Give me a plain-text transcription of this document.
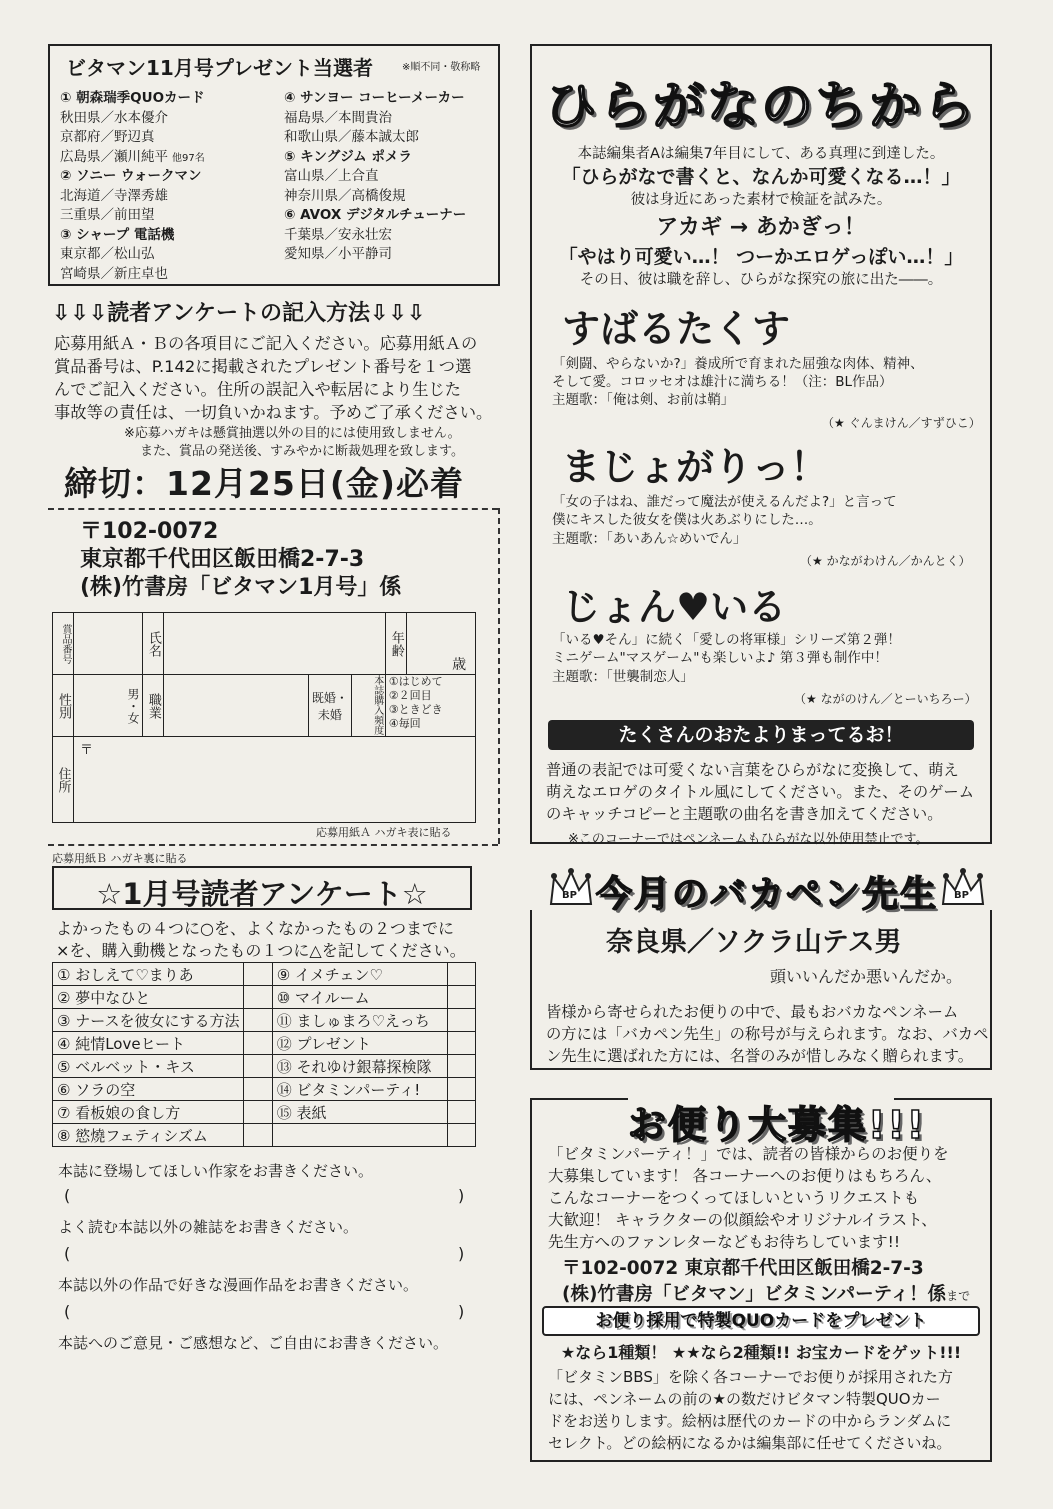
ビタマン11月号プレゼント当選者	※順不同・敬称略
① 朝森瑞季QUOカード
秋田県／水本優介
京都府／野辺真
広島県／瀬川純平 他97名
② ソニー ウォークマン
北海道／寺澤秀雄
三重県／前田望
③ シャープ 電話機
東京都／松山弘
宮崎県／新庄卓也
④ サンヨー コーヒーメーカー
福島県／本間貴治
和歌山県／藤本誠太郎
⑤ キングジム ポメラ
富山県／上合直
神奈川県／高橋俊規
⑥ AVOX デジタルチューナー
千葉県／安永壮宏
愛知県／小平静司
⇩⇩⇩読者アンケートの記入方法⇩⇩⇩
応募用紙Ａ・Ｂの各項目にご記入ください。応募用紙Ａの
賞品番号は、P.142に掲載されたプレゼント番号を１つ選
んでご記入ください。住所の誤記入や転居により生じた
事故等の責任は、一切負いかねます。予めご了承ください。
※応募ハガキは懸賞抽選以外の目的には使用致しません。
また、賞品の発送後、すみやかに断裁処理を致します。
締切：12月25日(金)必着
〒102-0072
東京都千代田区飯田橋2-7-3
(株)竹書房「ビタマン1月号」係
賞品番号		氏名				年齢	歳
性別	男・女	職業		既婚・未婚	本誌購入頻度	①はじめて
②２回目
③ときどき
④毎回	

住所	〒						
応募用紙Ａ ハガキ表に貼る
応募用紙Ｂ ハガキ裏に貼る
☆1月号読者アンケート☆
よかったもの４つに○を、よくなかったもの２つまでに
×を、購入動機となったもの１つに△を記してください。
① おしえて♡まりあ		⑨ イメチェン♡	
② 夢中なひと		⑩ マイルーム	
③ ナースを彼女にする方法		⑪ ましゅまろ♡えっち	
④ 純情Loveヒート		⑫ プレゼント	
⑤ ベルベット・キス		⑬ それゆけ銀幕探検隊	
⑥ ソラの空		⑭ ビタミンパーティ!	
⑦ 看板娘の食し方		⑮ 表紙	
⑧ 慾燒フェティシズム			
本誌に登場してほしい作家をお書きください。
(	)
よく読む本誌以外の雑誌をお書きください。
(	)
本誌以外の作品で好きな漫画作品をお書きください。
(	)
本誌へのご意見・ご感想など、ご自由にお書きください。
ひらがなのちから
本誌編集者Aは編集7年目にして、ある真理に到達した。
「ひらがなで書くと、なんか可愛くなる…！」
彼は身近にあった素材で検証を試みた。
アカギ → あかぎっ！
「やはり可愛い…！ つーかエロゲっぽい…！」
その日、彼は職を辞し、ひらがな探究の旅に出た――。
すばるたくす
「剣闘、やらないか?」養成所で育まれた屈強な肉体、精神、
そして愛。コロッセオは雄汁に満ちる！（注：BL作品）
主題歌：「俺は剣、お前は鞘」
（★ ぐんまけん／すずひこ）
まじょがりっ！
「女の子はね、誰だって魔法が使えるんだよ?」と言って
僕にキスした彼女を僕は火あぶりにした…。
主題歌：「あいあん☆めいでん」
（★ かながわけん／かんとく）
じょん♥いる
「いる♥そん」に続く「愛しの将軍様」シリーズ第２弾！
ミニゲーム"マスゲーム"も楽しいよ♪ 第３弾も制作中！
主題歌：「世襲制恋人」
（★ ながのけん／とーいちろー）
たくさんのおたよりまってるお！
普通の表記では可愛くない言葉をひらがなに変換して、萌え
萌えなエロゲのタイトル風にしてください。また、そのゲーム
のキャッチコピーと主題歌の曲名を書き加えてください。
※このコーナーではペンネームもひらがな以外使用禁止です。
BP	BP
今月のバカペン先生
奈良県／ソクラ山テス男
頭いいんだか悪いんだか。
皆様から寄せられたお便りの中で、最もおバカなペンネーム
の方には「バカペン先生」の称号が与えられます。なお、バカペ
ン先生に選ばれた方には、名誉のみが惜しみなく贈られます。
お便り大募集!!!
「ビタミンパーティ！」では、読者の皆様からのお便りを
大募集しています！ 各コーナーへのお便りはもちろん、
こんなコーナーをつくってほしいというリクエストも
大歓迎！ キャラクターの似顔絵やオリジナルイラスト、
先生方へのファンレターなどもお待ちしています!!
〒102-0072 東京都千代田区飯田橋2-7-3
(株)竹書房「ビタマン」ビタミンパーティ！係まで
お便り採用で特製QUOカードをプレゼント
★なら1種類！ ★★なら2種類!! お宝カードをゲット!!!
「ビタミンBBS」を除く各コーナーでお便りが採用された方
には、ペンネームの前の★の数だけビタマン特製QUOカー
ドをお送りします。絵柄は歴代のカードの中からランダムに
セレクト。どの絵柄になるかは編集部に任せてくださいね。
